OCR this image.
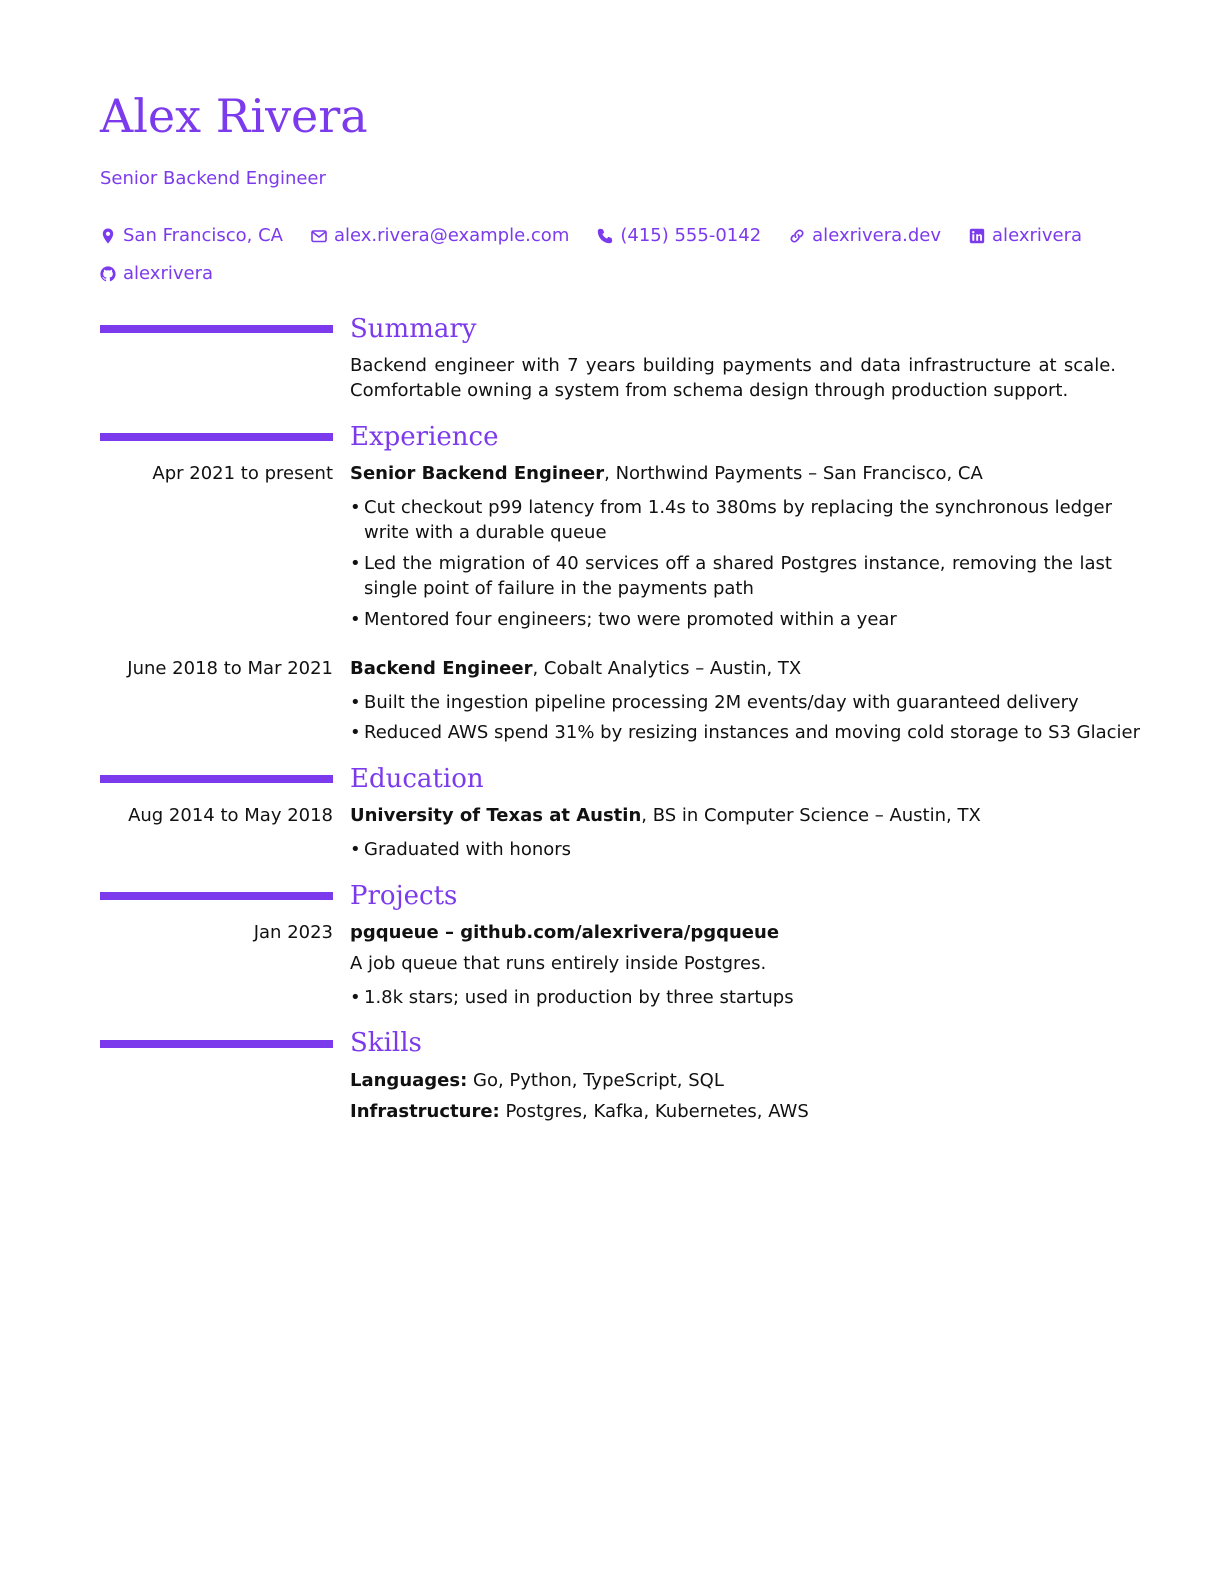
Alex Rivera
Senior Backend Engineer
San Francisco, CA	alex.rivera@example.com	(415) 555-0142	alexrivera.dev	alexrivera
alexrivera
Summary
Backend engineer with 7 years building payments and data infrastructure at scale. Comfortable owning a system from schema design through production support.
Experience
Apr 2021 to present Senior Backend Engineer, Northwind Payments – San Francisco, CA
• Cut checkout p99 latency from 1.4s to 380ms by replacing the synchronous ledger write with a durable queue
• Led the migration of 40 services off a shared Postgres instance, removing the last single point of failure in the payments path
• Mentored four engineers; two were promoted within a year
June 2018 to Mar 2021 Backend Engineer, Cobalt Analytics – Austin, TX
• Built the ingestion pipeline processing 2M events/day with guaranteed delivery
• Reduced AWS spend 31% by resizing instances and moving cold storage to S3 Glacier
Education
Aug 2014 to May 2018 University of Texas at Austin, BS in Computer Science – Austin, TX
• Graduated with honors
Projects
Jan 2023 pgqueue – github.com/alexrivera/pgqueue
A job queue that runs entirely inside Postgres.
• 1.8k stars; used in production by three startups
Skills
Languages: Go, Python, TypeScript, SQL
Infrastructure: Postgres, Kafka, Kubernetes, AWS
